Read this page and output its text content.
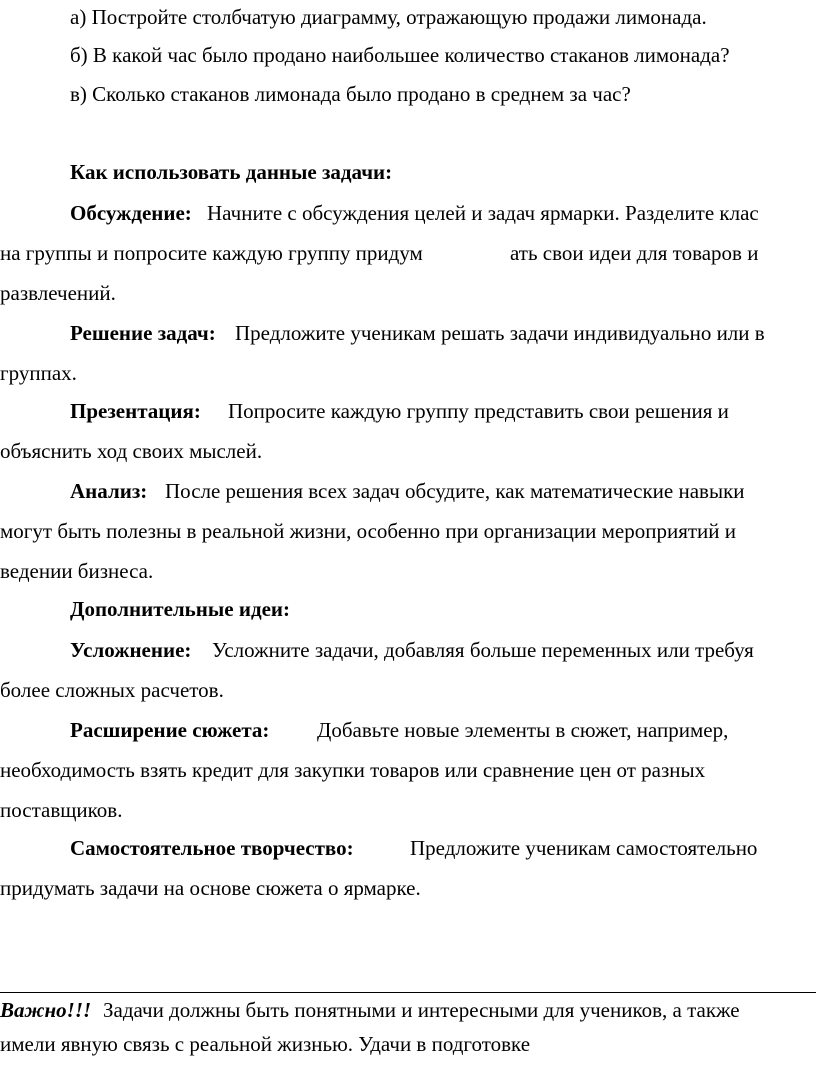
а) Постройте столбчатую диаграмму, отражающую продажи лимонада.
б) В какой час было продано наибольшее количество стаканов лимонада?
в) Сколько стаканов лимонада было продано в среднем за час?
Как использовать данные задачи:
Обсуждение: Начните с обсуждения целей и задач ярмарки. Разделите клас
на группы и попросите каждую группу придум	ать свои идеи для товаров и
развлечений.
Решение задач: Предложите ученикам решать задачи индивидуально или в
группах.
Презентация: Попросите каждую группу представить свои решения и
объяснить ход своих мыслей.
Анализ: После решения всех задач обсудите, как математические навыки
могут быть полезны в реальной жизни, особенно при организации мероприятий и
ведении бизнеса.
Дополнительные идеи:
Усложнение: Усложните задачи, добавляя больше переменных или требуя
более сложных расчетов.
Расширение сюжета: Добавьте новые элементы в сюжет, например,
необходимость взять кредит для закупки товаров или сравнение цен от разных
поставщиков.
Самостоятельное творчество:	Предложите ученикам самостоятельно
придумать задачи на основе сюжета о ярмарке.
Важно!!! Задачи должны быть понятными и интересными для учеников, а также
имели явную связь с реальной жизнью. Удачи в подготовке
